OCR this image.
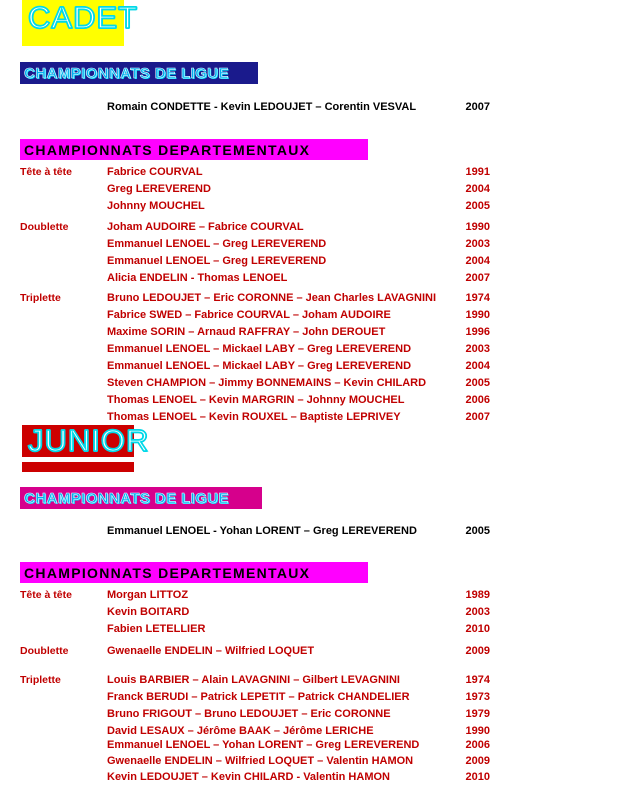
CADET
CHAMPIONNATS DE LIGUE
Romain CONDETTE - Kevin LEDOUJET – Corentin VESVAL	2007
CHAMPIONNATS DEPARTEMENTAUX
Tête à tête	Fabrice COURVAL	1991
Greg LEREVEREND	2004
Johnny MOUCHEL	2005
Doublette	Joham AUDOIRE – Fabrice COURVAL	1990
Emmanuel LENOEL – Greg LEREVEREND	2003
Emmanuel LENOEL – Greg LEREVEREND	2004
Alicia ENDELIN - Thomas LENOEL	2007
Triplette	Bruno LEDOUJET – Eric CORONNE – Jean Charles LAVAGNINI	1974
Fabrice SWED – Fabrice COURVAL – Joham AUDOIRE	1990
Maxime SORIN – Arnaud RAFFRAY – John DEROUET	1996
Emmanuel LENOEL – Mickael LABY – Greg LEREVEREND	2003
Emmanuel LENOEL – Mickael LABY – Greg LEREVEREND	2004
Steven CHAMPION – Jimmy BONNEMAINS – Kevin CHILARD	2005
Thomas LENOEL – Kevin MARGRIN – Johnny MOUCHEL	2006
Thomas LENOEL – Kevin ROUXEL – Baptiste LEPRIVEY	2007
JUNIOR
CHAMPIONNATS DE LIGUE
Emmanuel LENOEL - Yohan LORENT – Greg LEREVEREND	2005
CHAMPIONNATS DEPARTEMENTAUX
Tête à tête	Morgan LITTOZ	1989
Kevin BOITARD	2003
Fabien LETELLIER	2010
Doublette	Gwenaelle ENDELIN – Wilfried LOQUET	2009
Triplette	Louis BARBIER – Alain LAVAGNINI – Gilbert LEVAGNINI	1974
Franck BERUDI – Patrick LEPETIT – Patrick CHANDELIER	1973
Bruno FRIGOUT – Bruno LEDOUJET – Eric CORONNE	1979
David LESAUX – Jérôme BAAK – Jérôme LERICHE	1990
Emmanuel LENOEL – Yohan LORENT – Greg LEREVEREND	2006
Gwenaelle ENDELIN – Wilfried LOQUET – Valentin HAMON	2009
Kevin LEDOUJET – Kevin CHILARD - Valentin HAMON	2010
